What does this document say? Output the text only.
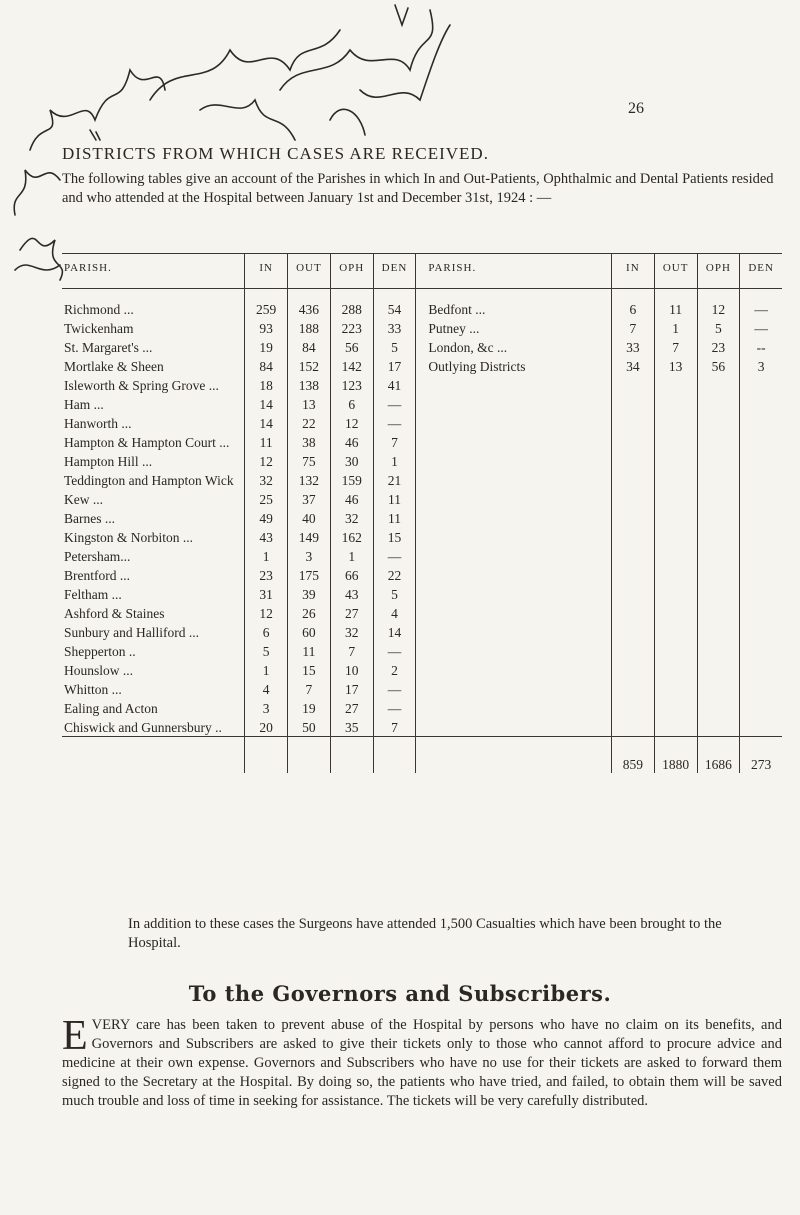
26
DISTRICTS FROM WHICH CASES ARE RECEIVED.
The following tables give an account of the Parishes in which In and Out-Patients, Ophthalmic and Dental Patients resided and who attended at the Hospital between January 1st and December 31st, 1924 : —
PARISH.	IN	OUT	OPH	DEN	PARISH.	IN	OUT	OPH	DEN

Richmond ...	259	436	288	54	Bedfont ...	6	11	12	—
Twickenham	93	188	223	33	Putney ...	7	1	5	—
St. Margaret's ...	19	84	56	5	London, &c ...	33	7	23	--
Mortlake & Sheen	84	152	142	17	Outlying Districts	34	13	56	3
Isleworth & Spring Grove ...	18	138	123	41					
Ham ...	14	13	6	—					
Hanworth ...	14	22	12	—					
Hampton & Hampton Court ...	11	38	46	7					
Hampton Hill ...	12	75	30	1					
Teddington and Hampton Wick	32	132	159	21					
Kew ...	25	37	46	11					
Barnes ...	49	40	32	11					
Kingston & Norbiton ...	43	149	162	15					
Petersham...	1	3	1	—					
Brentford ...	23	175	66	22					
Feltham ...	31	39	43	5					
Ashford & Staines	12	26	27	4					
Sunbury and Halliford ...	6	60	32	14					
Shepperton ..	5	11	7	—					
Hounslow ...	1	15	10	2					
Whitton ...	4	7	17	—					
Ealing and Acton	3	19	27	—					
Chiswick and Gunnersbury ..	20	50	35	7					
						859	1880	1686	273
In addition to these cases the Surgeons have attended 1,500 Casualties which have been brought to the Hospital.
To the Governors and Subscribers.
EVERY care has been taken to prevent abuse of the Hospital by persons who have no claim on its benefits, and Governors and Subscribers are asked to give their tickets only to those who cannot afford to procure advice and medicine at their own expense. Governors and Subscribers who have no use for their tickets are asked to forward them signed to the Secretary at the Hospital. By doing so, the patients who have tried, and failed, to obtain them will be saved much trouble and loss of time in seeking for assistance. The tickets will be very carefully distributed.
